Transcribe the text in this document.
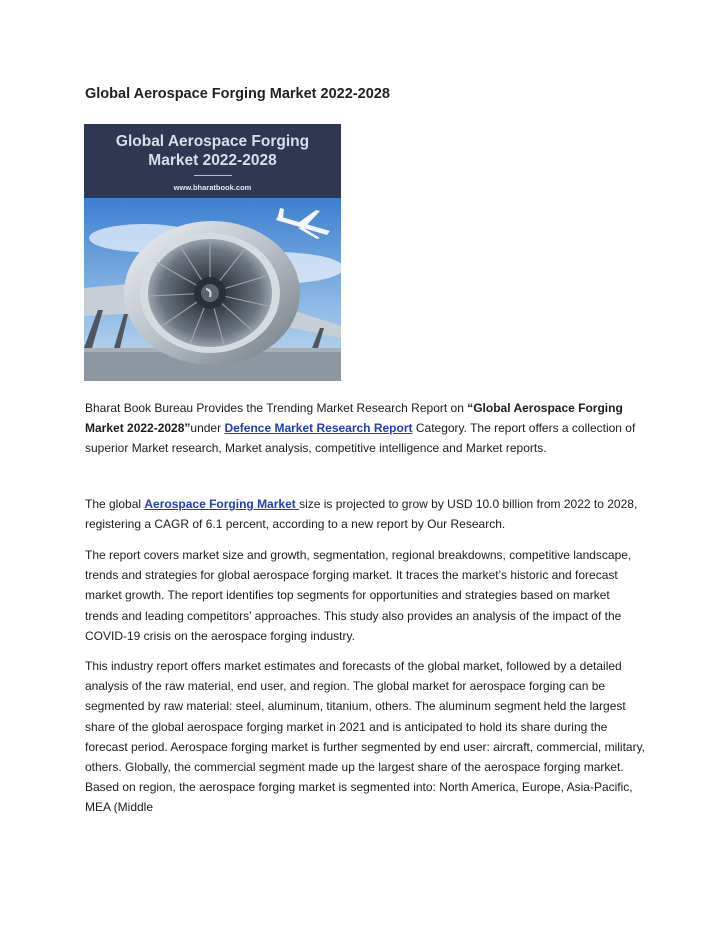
Global Aerospace Forging Market 2022-2028
Global Aerospace Forging
Market 2022-2028
www.bharatbook.com

Bharat Book Bureau Provides the Trending Market Research Report on “Global Aerospace Forging Market 2022-2028”under Defence Market Research Report Category. The report offers a collection of superior Market research, Market analysis, competitive intelligence and Market reports.

The global Aerospace Forging Market size is projected to grow by USD 10.0 billion from 2022 to 2028, registering a CAGR of 6.1 percent, according to a new report by Our Research.

The report covers market size and growth, segmentation, regional breakdowns, competitive landscape, trends and strategies for global aerospace forging market. It traces the market’s historic and forecast market growth. The report identifies top segments for opportunities and strategies based on market trends and leading competitors’ approaches. This study also provides an analysis of the impact of the COVID-19 crisis on the aerospace forging industry.

This industry report offers market estimates and forecasts of the global market, followed by a detailed analysis of the raw material, end user, and region. The global market for aerospace forging can be segmented by raw material: steel, aluminum, titanium, others. The aluminum segment held the largest share of the global aerospace forging market in 2021 and is anticipated to hold its share during the forecast period. Aerospace forging market is further segmented by end user: aircraft, commercial, military, others. Globally, the commercial segment made up the largest share of the aerospace forging market. Based on region, the aerospace forging market is segmented into: North America, Europe, Asia-Pacific, MEA (Middle
